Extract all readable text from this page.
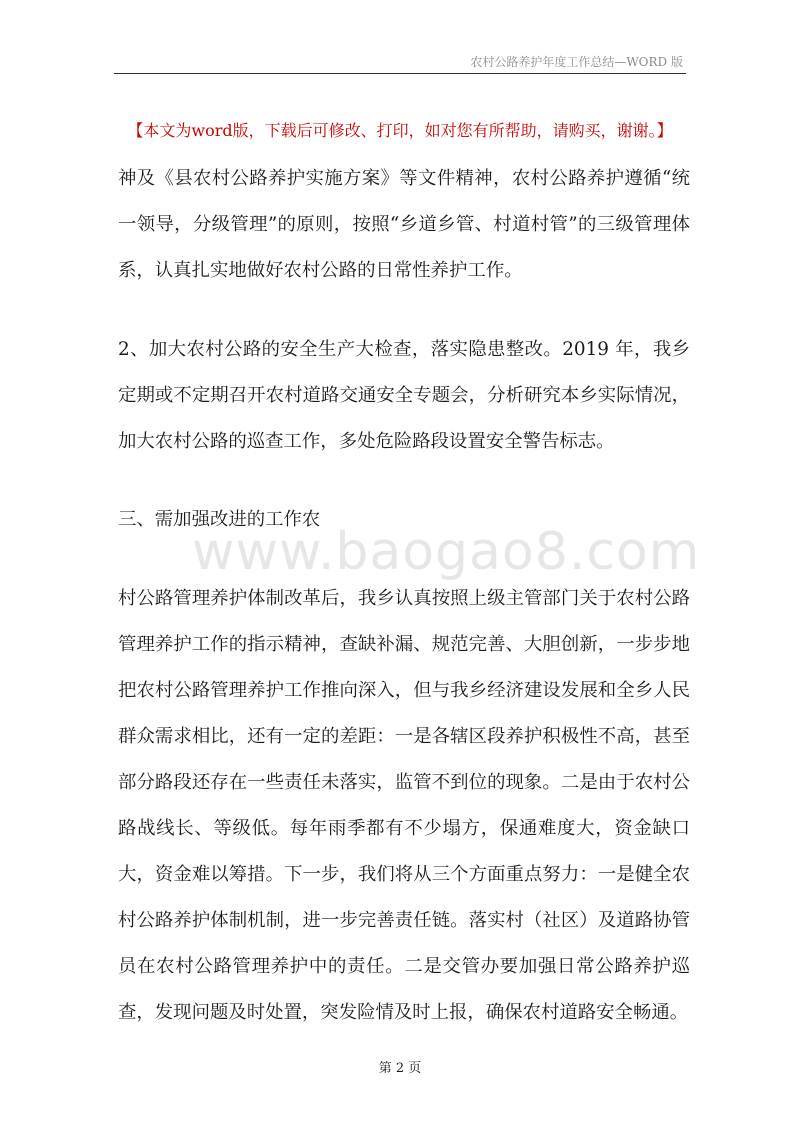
农村公路养护年度工作总结—WORD 版
【本文为word版，下载后可修改、打印，如对您有所帮助，请购买，谢谢。】
神及《县农村公路养护实施方案》等文件精神，农村公路养护遵循“统一领导，分级管理”的原则，按照“乡道乡管、村道村管”的三级管理体系，认真扎实地做好农村公路的日常性养护工作。
2、加大农村公路的安全生产大检查，落实隐患整改。2019 年，我乡定期或不定期召开农村道路交通安全专题会，分析研究本乡实际情况，加大农村公路的巡查工作，多处危险路段设置安全警告标志。
三、需加强改进的工作农
www.baogao8.com
村公路管理养护体制改革后，我乡认真按照上级主管部门关于农村公路管理养护工作的指示精神，查缺补漏、规范完善、大胆创新，一步步地把农村公路管理养护工作推向深入，但与我乡经济建设发展和全乡人民群众需求相比，还有一定的差距：一是各辖区段养护积极性不高，甚至部分路段还存在一些责任未落实，监管不到位的现象。二是由于农村公路战线长、等级低。每年雨季都有不少塌方，保通难度大，资金缺口大，资金难以筹措。下一步，我们将从三个方面重点努力：一是健全农村公路养护体制机制，进一步完善责任链。落实村（社区）及道路协管员在农村公路管理养护中的责任。二是交管办要加强日常公路养护巡查，发现问题及时处置，突发险情及时上报，确保农村道路安全畅通。
第 2 页
